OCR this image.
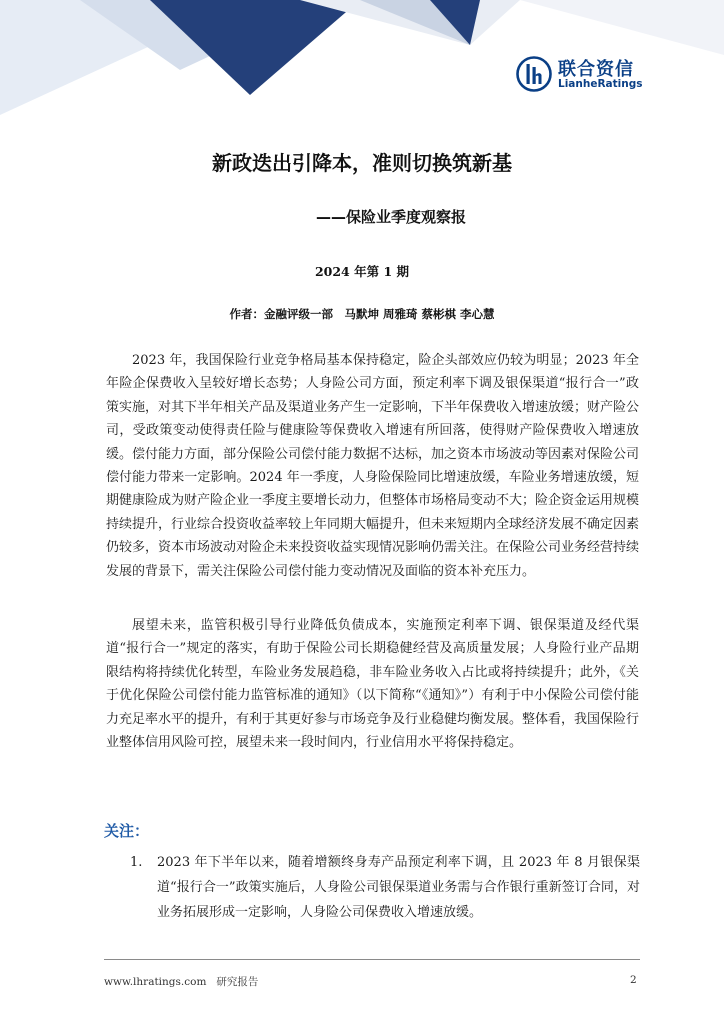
联合资信
LianheRatings
新政迭出引降本，准则切换筑新基
——保险业季度观察报
2024 年第 1 期
作者：金融评级一部　马默坤 周雅琦 蔡彬棋 李心慧

2023 年，我国保险行业竞争格局基本保持稳定，险企头部效应仍较为明显；2023 年全年险企保费收入呈较好增长态势；人身险公司方面，预定利率下调及银保渠道“报行合一”政策实施，对其下半年相关产品及渠道业务产生一定影响，下半年保费收入增速放缓；财产险公司，受政策变动使得责任险与健康险等保费收入增速有所回落，使得财产险保费收入增速放缓。偿付能力方面，部分保险公司偿付能力数据不达标，加之资本市场波动等因素对保险公司偿付能力带来一定影响。2024 年一季度，人身险保险同比增速放缓，车险业务增速放缓，短期健康险成为财产险企业一季度主要增长动力，但整体市场格局变动不大；险企资金运用规模持续提升，行业综合投资收益率较上年同期大幅提升，但未来短期内全球经济发展不确定因素仍较多，资本市场波动对险企未来投资收益实现情况影响仍需关注。在保险公司业务经营持续发展的背景下，需关注保险公司偿付能力变动情况及面临的资本补充压力。

展望未来，监管积极引导行业降低负债成本，实施预定利率下调、银保渠道及经代渠道“报行合一”规定的落实，有助于保险公司长期稳健经营及高质量发展；人身险行业产品期限结构将持续优化转型，车险业务发展趋稳，非车险业务收入占比或将持续提升；此外，《关于优化保险公司偿付能力监管标准的通知》（以下简称“《通知》”）有利于中小保险公司偿付能力充足率水平的提升，有利于其更好参与市场竞争及行业稳健均衡发展。整体看，我国保险行业整体信用风险可控，展望未来一段时间内，行业信用水平将保持稳定。

关注：
1. 2023 年下半年以来，随着增额终身寿产品预定利率下调，且 2023 年 8 月银保渠道“报行合一”政策实施后，人身险公司银保渠道业务需与合作银行重新签订合同，对业务拓展形成一定影响，人身险公司保费收入增速放缓。
www.lhratings.com 研究报告	2
